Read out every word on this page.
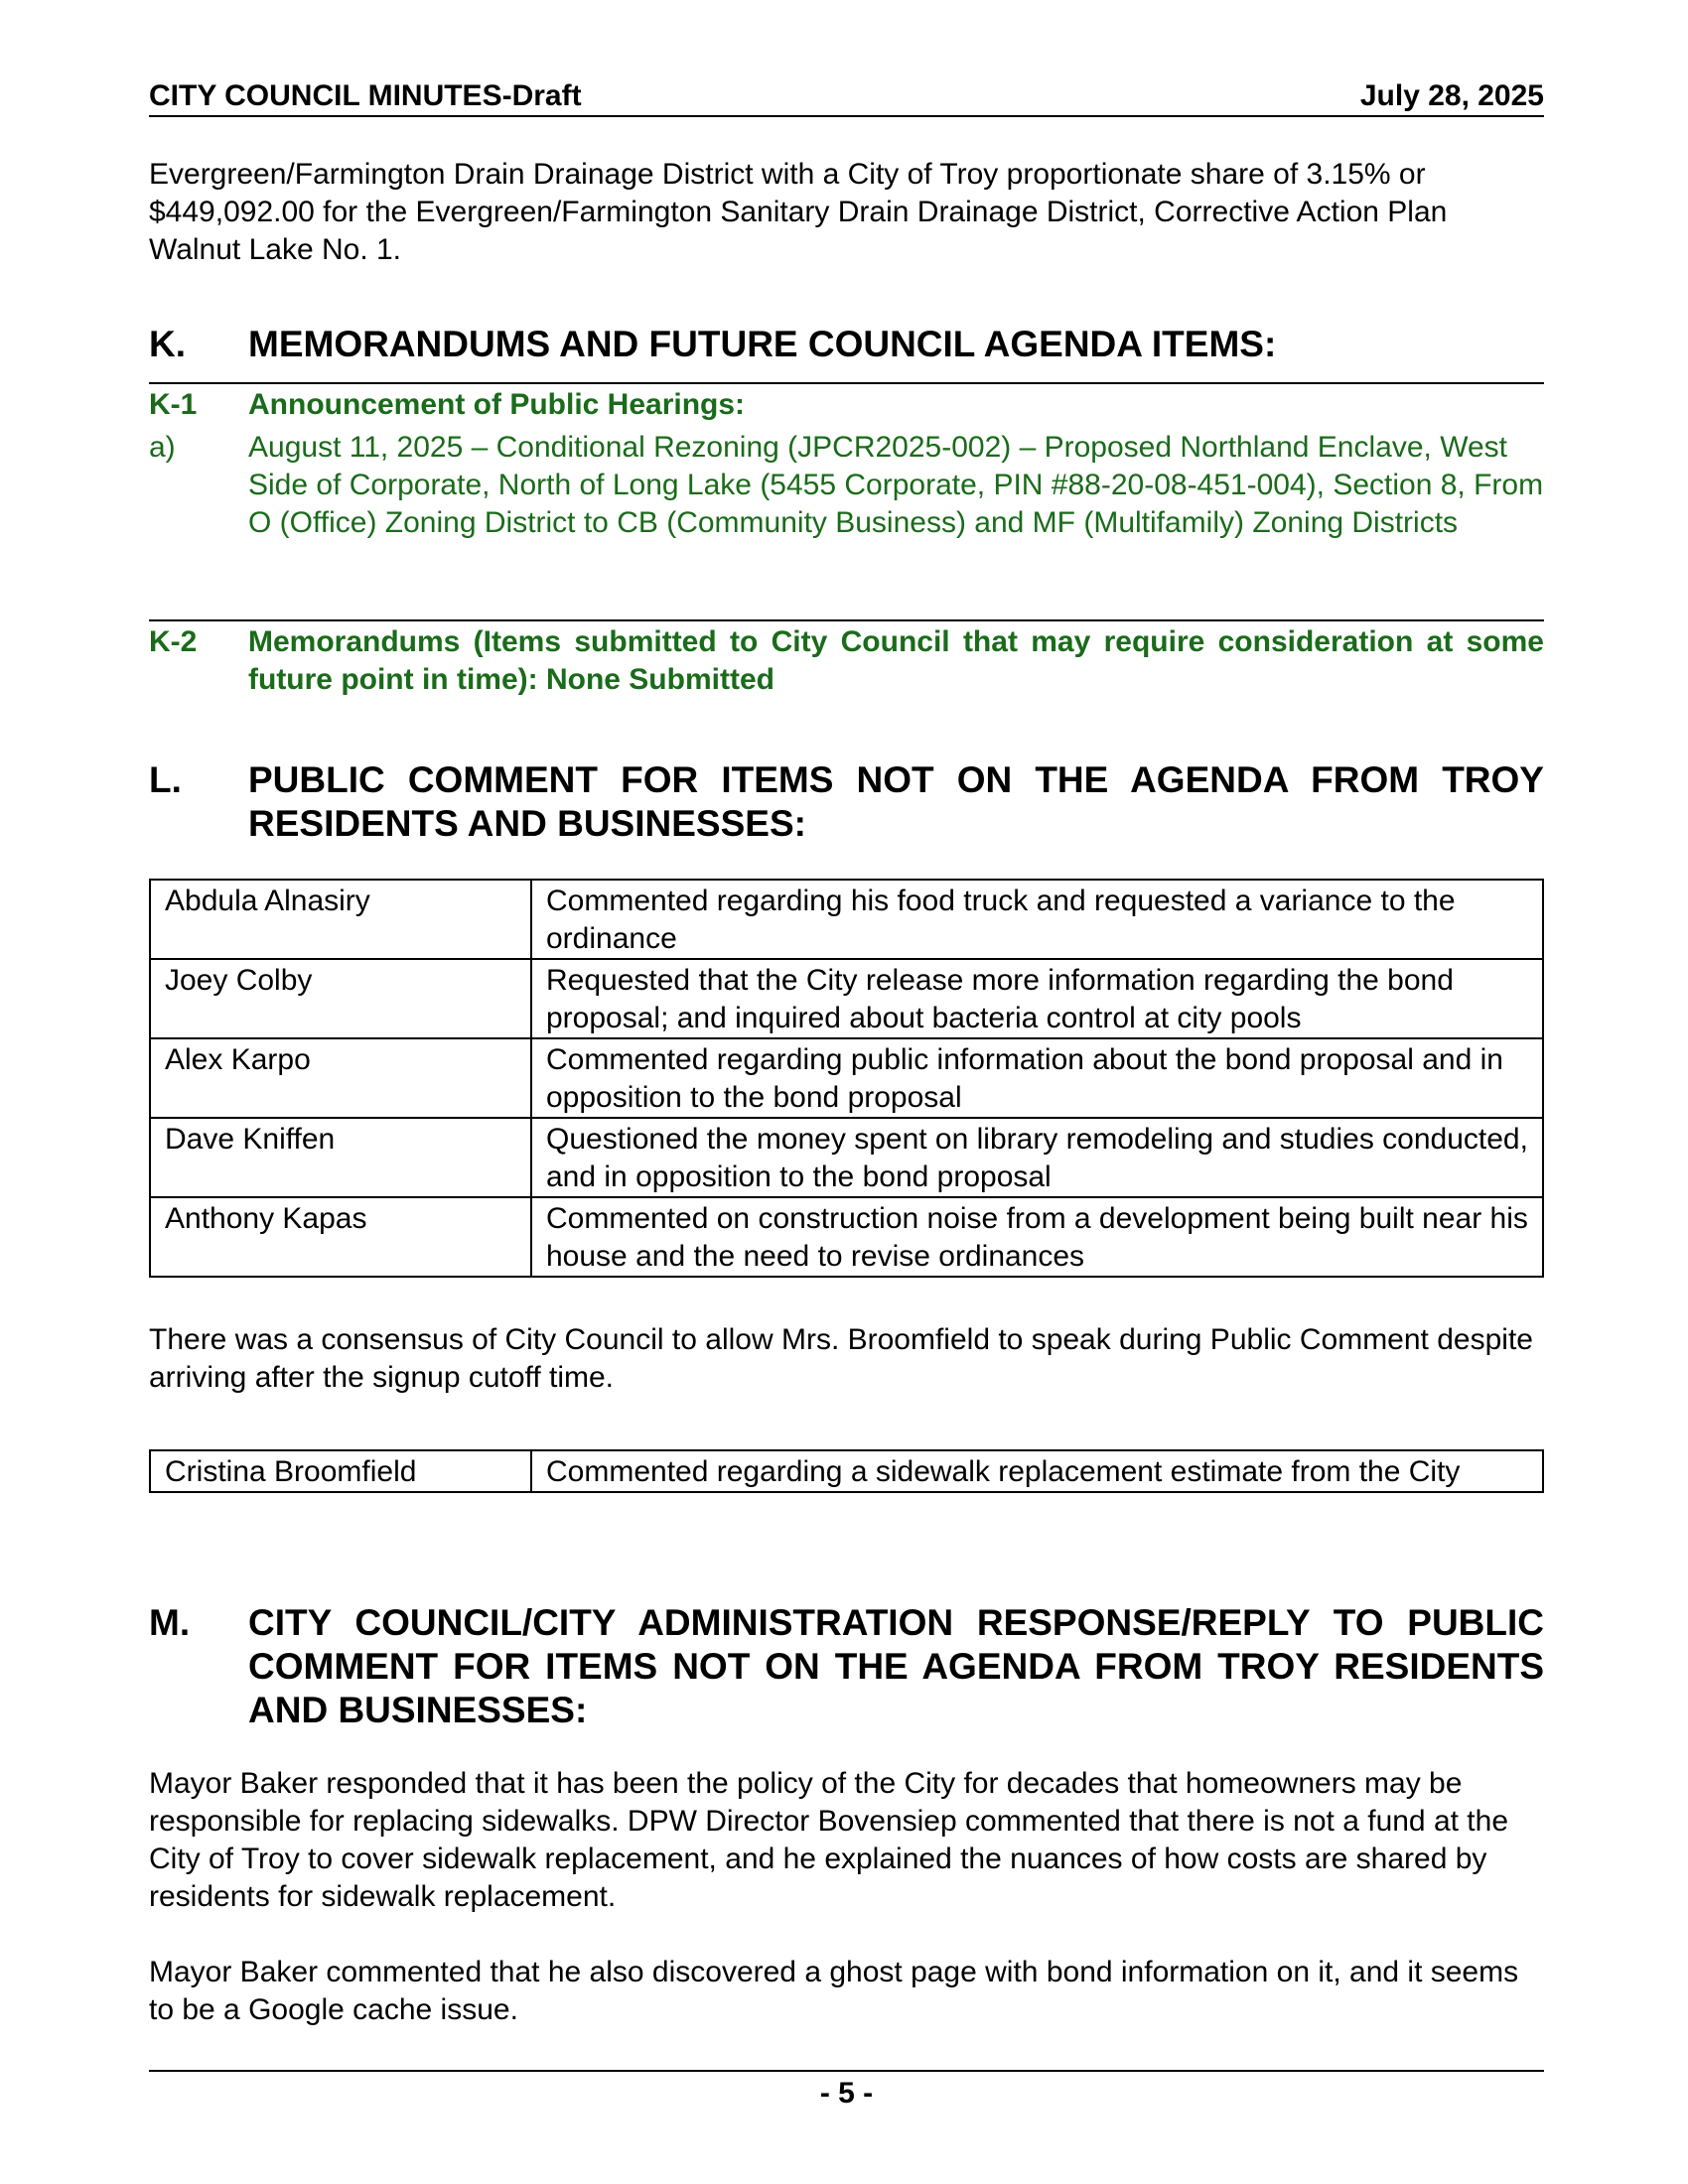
CITY COUNCIL MINUTES-Draft	July 28, 2025
Evergreen/Farmington Drain Drainage District with a City of Troy proportionate share of 3.15% or $449,092.00 for the Evergreen/Farmington Sanitary Drain Drainage District, Corrective Action Plan Walnut Lake No. 1.
K. MEMORANDUMS AND FUTURE COUNCIL AGENDA ITEMS:
K-1 Announcement of Public Hearings:
a) August 11, 2025 – Conditional Rezoning (JPCR2025-002) – Proposed Northland Enclave, West Side of Corporate, North of Long Lake (5455 Corporate, PIN #88-20-08-451-004), Section 8, From O (Office) Zoning District to CB (Community Business) and MF (Multifamily) Zoning Districts
K-2 Memorandums (Items submitted to City Council that may require consideration at some future point in time): None Submitted
L. PUBLIC COMMENT FOR ITEMS NOT ON THE AGENDA FROM TROY RESIDENTS AND BUSINESSES:
Abdula Alnasiry	Commented regarding his food truck and requested a variance to the ordinance
Joey Colby	Requested that the City release more information regarding the bond proposal; and inquired about bacteria control at city pools
Alex Karpo	Commented regarding public information about the bond proposal and in opposition to the bond proposal
Dave Kniffen	Questioned the money spent on library remodeling and studies conducted, and in opposition to the bond proposal
Anthony Kapas	Commented on construction noise from a development being built near his house and the need to revise ordinances
There was a consensus of City Council to allow Mrs. Broomfield to speak during Public Comment despite arriving after the signup cutoff time.
Cristina Broomfield	Commented regarding a sidewalk replacement estimate from the City
M. CITY COUNCIL/CITY ADMINISTRATION RESPONSE/REPLY TO PUBLIC COMMENT FOR ITEMS NOT ON THE AGENDA FROM TROY RESIDENTS AND BUSINESSES:
Mayor Baker responded that it has been the policy of the City for decades that homeowners may be responsible for replacing sidewalks. DPW Director Bovensiep commented that there is not a fund at the City of Troy to cover sidewalk replacement, and he explained the nuances of how costs are shared by residents for sidewalk replacement.
Mayor Baker commented that he also discovered a ghost page with bond information on it, and it seems to be a Google cache issue.
- 5 -
